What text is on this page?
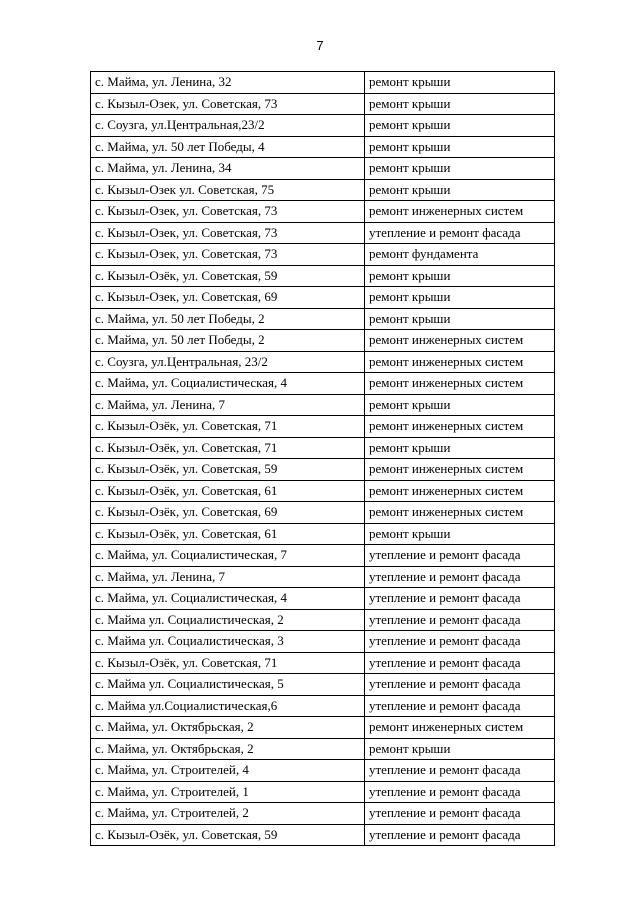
7
с. Майма, ул. Ленина, 32	ремонт крыши
с. Кызыл-Озек, ул. Советская, 73	ремонт крыши
с. Соузга, ул.Центральная,23/2	ремонт крыши
с. Майма, ул. 50 лет Победы, 4	ремонт крыши
с. Майма, ул. Ленина, 34	ремонт крыши
с. Кызыл-Озек ул. Советская, 75	ремонт крыши
с. Кызыл-Озек, ул. Советская, 73	ремонт инженерных систем
с. Кызыл-Озек, ул. Советская, 73	утепление и ремонт фасада
с. Кызыл-Озек, ул. Советская, 73	ремонт фундамента
с. Кызыл-Озёк, ул. Советская, 59	ремонт крыши
с. Кызыл-Озек, ул. Советская, 69	ремонт крыши
с. Майма, ул. 50 лет Победы, 2	ремонт крыши
с. Майма, ул. 50 лет Победы, 2	ремонт инженерных систем
с. Соузга, ул.Центральная, 23/2	ремонт инженерных систем
с. Майма, ул. Социалистическая, 4	ремонт инженерных систем
с. Майма, ул. Ленина, 7	ремонт крыши
с. Кызыл-Озёк, ул. Советская, 71	ремонт инженерных систем
с. Кызыл-Озёк, ул. Советская, 71	ремонт крыши
с. Кызыл-Озёк, ул. Советская, 59	ремонт инженерных систем
с. Кызыл-Озёк, ул. Советская, 61	ремонт инженерных систем
с. Кызыл-Озёк, ул. Советская, 69	ремонт инженерных систем
с. Кызыл-Озёк, ул. Советская, 61	ремонт крыши
с. Майма, ул. Социалистическая, 7	утепление и ремонт фасада
с. Майма, ул. Ленина, 7	утепление и ремонт фасада
с. Майма, ул. Социалистическая, 4	утепление и ремонт фасада
с. Майма ул. Социалистическая, 2	утепление и ремонт фасада
с. Майма ул. Социалистическая, 3	утепление и ремонт фасада
с. Кызыл-Озёк, ул. Советская, 71	утепление и ремонт фасада
с. Майма ул. Социалистическая, 5	утепление и ремонт фасада
с. Майма ул.Социалистическая,6	утепление и ремонт фасада
с. Майма, ул. Октябрьская, 2	ремонт инженерных систем
с. Майма, ул. Октябрьская, 2	ремонт крыши
с. Майма, ул. Строителей, 4	утепление и ремонт фасада
с. Майма, ул. Строителей, 1	утепление и ремонт фасада
с. Майма, ул. Строителей, 2	утепление и ремонт фасада
с. Кызыл-Озёк, ул. Советская, 59	утепление и ремонт фасада
